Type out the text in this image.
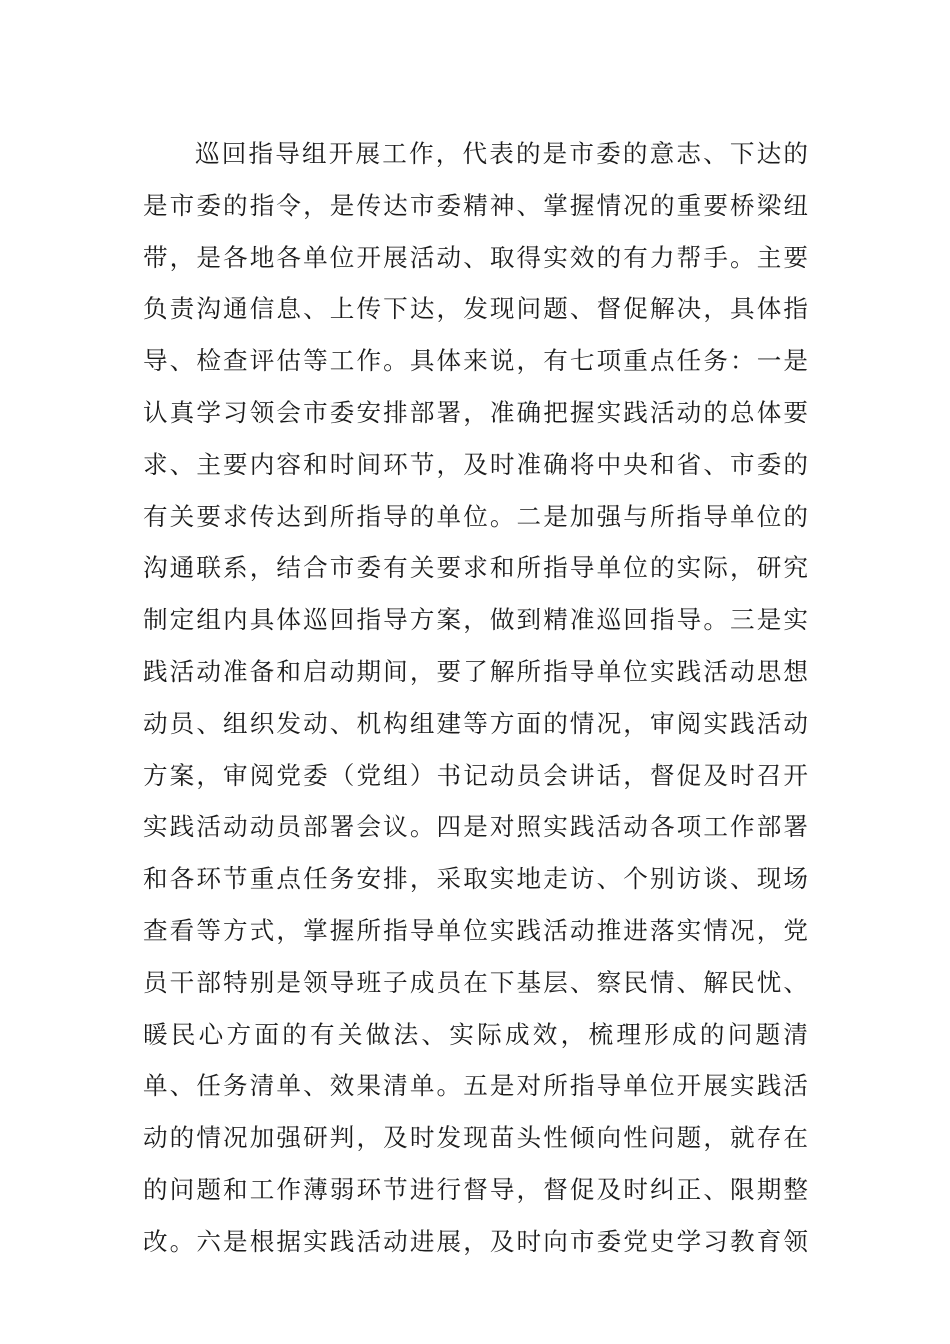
巡回指导组开展工作，代表的是市委的意志、下达的
是市委的指令，是传达市委精神、掌握情况的重要桥梁纽
带，是各地各单位开展活动、取得实效的有力帮手。主要
负责沟通信息、上传下达，发现问题、督促解决，具体指
导、检查评估等工作。具体来说，有七项重点任务：一是
认真学习领会市委安排部署，准确把握实践活动的总体要
求、主要内容和时间环节，及时准确将中央和省、市委的
有关要求传达到所指导的单位。二是加强与所指导单位的
沟通联系，结合市委有关要求和所指导单位的实际，研究
制定组内具体巡回指导方案，做到精准巡回指导。三是实
践活动准备和启动期间，要了解所指导单位实践活动思想
动员、组织发动、机构组建等方面的情况，审阅实践活动
方案，审阅党委（党组）书记动员会讲话，督促及时召开
实践活动动员部署会议。四是对照实践活动各项工作部署
和各环节重点任务安排，采取实地走访、个别访谈、现场
查看等方式，掌握所指导单位实践活动推进落实情况，党
员干部特别是领导班子成员在下基层、察民情、解民忧、
暖民心方面的有关做法、实际成效，梳理形成的问题清
单、任务清单、效果清单。五是对所指导单位开展实践活
动的情况加强研判，及时发现苗头性倾向性问题，就存在
的问题和工作薄弱环节进行督导，督促及时纠正、限期整
改。六是根据实践活动进展，及时向市委党史学习教育领
